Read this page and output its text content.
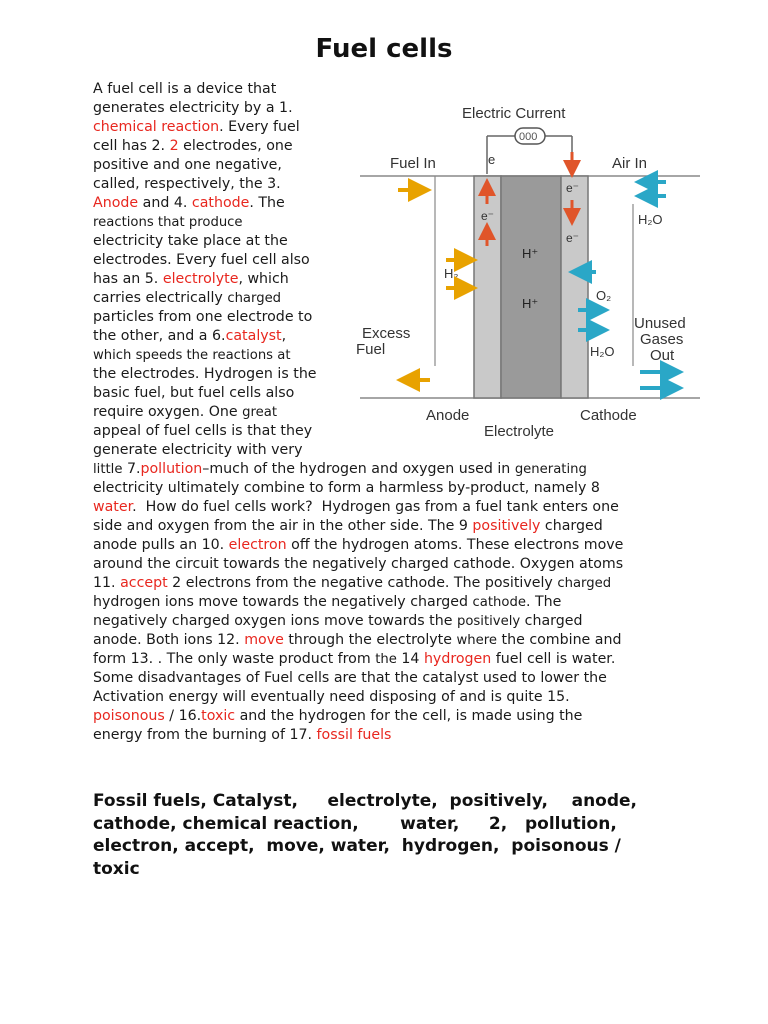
Fuel cells
A fuel cell is a device that
generates electricity by a 1.
chemical reaction. Every fuel
cell has 2. 2 electrodes, one
positive and one negative,
called, respectively, the 3.
Anode and 4. cathode. The
reactions that produce
electricity take place at the
electrodes. Every fuel cell also
has an 5. electrolyte, which
carries electrically charged
particles from one electrode to
the other, and a 6.catalyst,
which speeds the reactions at
the electrodes. Hydrogen is the
basic fuel, but fuel cells also
require oxygen. One great
appeal of fuel cells is that they
generate electricity with very
little 7.pollution–much of the hydrogen and oxygen used in generating
electricity ultimately combine to form a harmless by-product, namely 8
water.  How do fuel cells work?  Hydrogen gas from a fuel tank enters one
side and oxygen from the air in the other side. The 9 positively charged
anode pulls an 10. electron off the hydrogen atoms. These electrons move
around the circuit towards the negatively charged cathode. Oxygen atoms
11. accept 2 electrons from the negative cathode. The positively charged
hydrogen ions move towards the negatively charged cathode. The
negatively charged oxygen ions move towards the positively charged
anode. Both ions 12. move through the electrolyte where the combine and
form 13. . The only waste product from the 14 hydrogen fuel cell is water.
Some disadvantages of Fuel cells are that the catalyst used to lower the
Activation energy will eventually need disposing of and is quite 15.
poisonous / 16.toxic and the hydrogen for the cell, is made using the
energy from the burning of 17. fossil fuels
Electric Current
000
Fuel In	e	Air In
H⁺
H⁺
e⁻
e⁻
e⁻
H₂
Excess
Fuel
H₂O
O₂
H₂O
Unused
Gases
Out
Anode	Cathode
Electrolyte
Fossil fuels, Catalyst,     electrolyte,  positively,    anode,
cathode, chemical reaction,       water,     2,   pollution,
electron, accept,  move, water,  hydrogen,  poisonous /
toxic
